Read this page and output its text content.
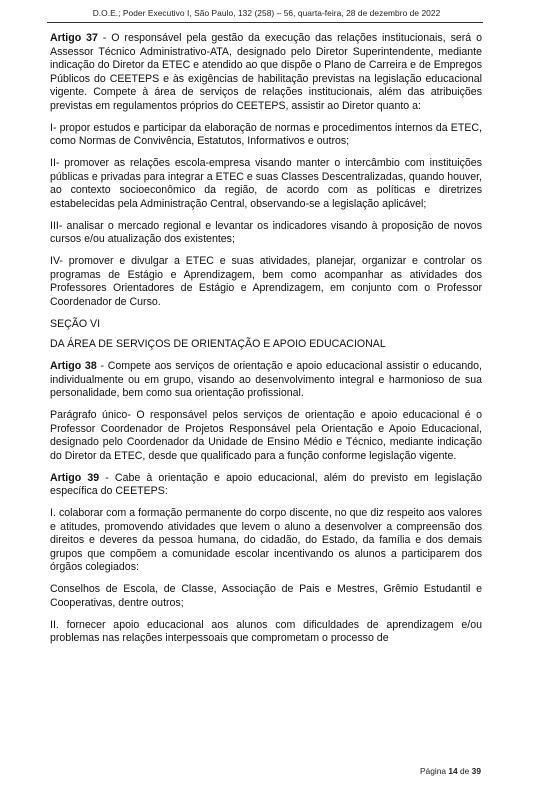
D.O.E.; Poder Executivo I, São Paulo, 132 (258) – 56, quarta-feira, 28 de dezembro de 2022

Artigo 37 - O responsável pela gestão da execução das relações institucionais, será o Assessor Técnico Administrativo-ATA, designado pelo Diretor Superintendente, mediante indicação do Diretor da ETEC e atendido ao que dispõe o Plano de Carreira e de Empregos Públicos do CEETEPS e às exigências de habilitação previstas na legislação educacional vigente. Compete à área de serviços de relações institucionais, além das atribuições previstas em regulamentos próprios do CEETEPS, assistir ao Diretor quanto a:

I- propor estudos e participar da elaboração de normas e procedimentos internos da ETEC, como Normas de Convivência, Estatutos, Informativos e outros;

II- promover as relações escola-empresa visando manter o intercâmbio com instituições públicas e privadas para integrar a ETEC e suas Classes Descentralizadas, quando houver, ao contexto socioeconômico da região, de acordo com as políticas e diretrizes estabelecidas pela Administração Central, observando-se a legislação aplicável;

III- analisar o mercado regional e levantar os indicadores visando à proposição de novos cursos e/ou atualização dos existentes;

IV- promover e divulgar a ETEC e suas atividades, planejar, organizar e controlar os programas de Estágio e Aprendizagem, bem como acompanhar as atividades dos Professores Orientadores de Estágio e Aprendizagem, em conjunto com o Professor Coordenador de Curso.

SEÇÃO VI

DA ÁREA DE SERVIÇOS DE ORIENTAÇÃO E APOIO EDUCACIONAL

Artigo 38 - Compete aos serviços de orientação e apoio educacional assistir o educando, individualmente ou em grupo, visando ao desenvolvimento integral e harmonioso de sua personalidade, bem como sua orientação profissional.

Parágrafo único- O responsável pelos serviços de orientação e apoio educacional é o Professor Coordenador de Projetos Responsável pela Orientação e Apoio Educacional, designado pelo Coordenador da Unidade de Ensino Médio e Técnico, mediante indicação do Diretor da ETEC, desde que qualificado para a função conforme legislação vigente.

Artigo 39 - Cabe à orientação e apoio educacional, além do previsto em legislação específica do CEETEPS:

I. colaborar com a formação permanente do corpo discente, no que diz respeito aos valores e atitudes, promovendo atividades que levem o aluno a desenvolver a compreensão dos direitos e deveres da pessoa humana, do cidadão, do Estado, da família e dos demais grupos que compõem a comunidade escolar incentivando os alunos a participarem dos órgãos colegiados:

Conselhos de Escola, de Classe, Associação de Pais e Mestres, Grêmio Estudantil e Cooperativas, dentre outros;

II. fornecer apoio educacional aos alunos com dificuldades de aprendizagem e/ou problemas nas relações interpessoais que comprometam o processo de

Página 14 de 39
